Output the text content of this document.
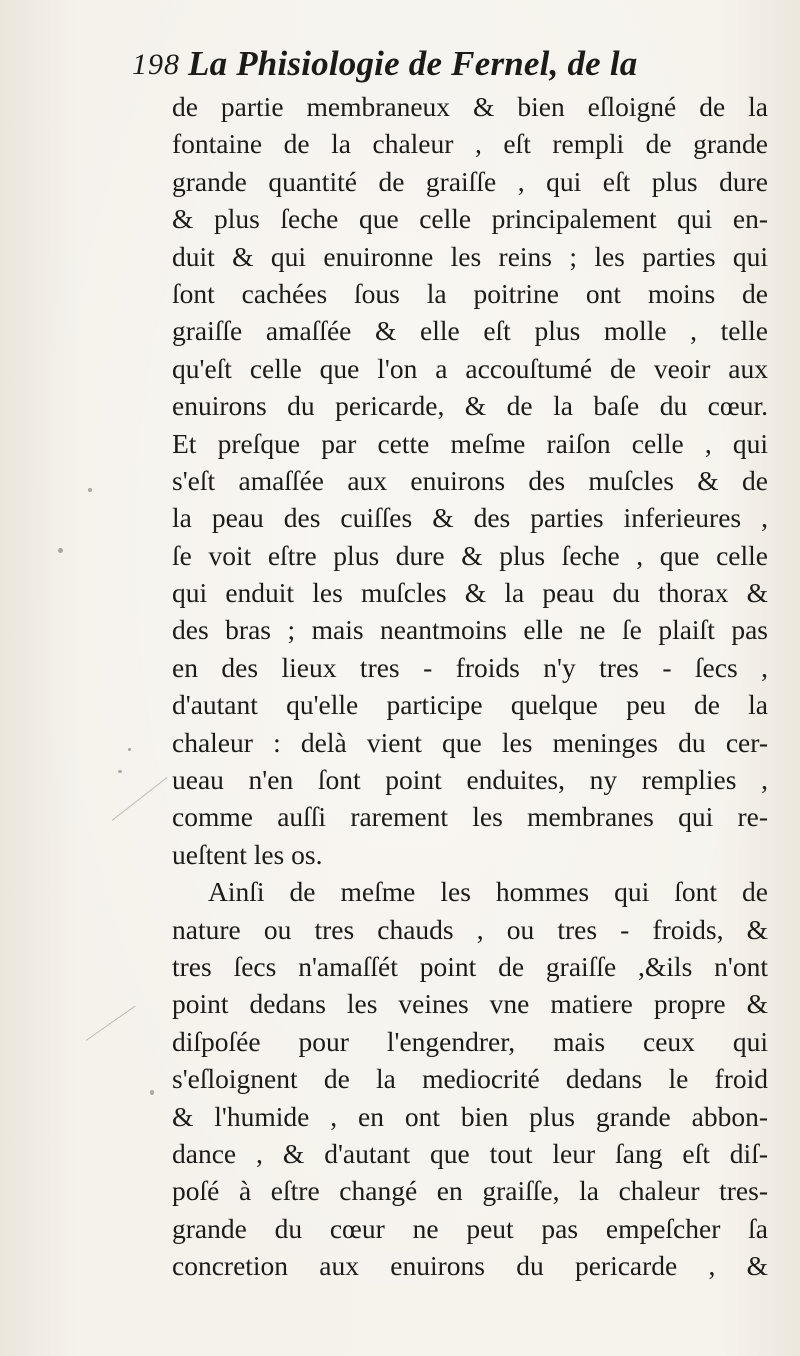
198 La Phisiologie de Fernel, de la
de partie membraneux & bien eſloigné de la
fontaine de la chaleur , eſt rempli de grande
grande quantité de graiſſe , qui eſt plus dure
& plus ſeche que celle principalement qui en-
duit & qui enuironne les reins ; les parties qui
ſont cachées ſous la poitrine ont moins de
graiſſe amaſſée & elle eſt plus molle , telle
qu'eſt celle que l'on a accouſtumé de veoir aux
enuirons du pericarde, & de la baſe du cœur.
Et preſque par cette meſme raiſon celle , qui
s'eſt amaſſée aux enuirons des muſcles & de
la peau des cuiſſes & des parties inferieures ,
ſe voit eſtre plus dure & plus ſeche , que celle
qui enduit les muſcles & la peau du thorax &
des bras ; mais neantmoins elle ne ſe plaiſt pas
en des lieux tres - froids n'y tres - ſecs ,
d'autant qu'elle participe quelque peu de la
chaleur : delà vient que les meninges du cer-
ueau n'en ſont point enduites, ny remplies ,
comme auſſi rarement les membranes qui re-
ueſtent les os.
Ainſi de meſme les hommes qui ſont de
nature ou tres chauds , ou tres - froids, &
tres ſecs n'amaſſét point de graiſſe ,&ils n'ont
point dedans les veines vne matiere propre &
diſpoſée pour l'engendrer, mais ceux qui
s'eſloignent de la mediocrité dedans le froid
& l'humide , en ont bien plus grande abbon-
dance , & d'autant que tout leur ſang eſt diſ-
poſé à eſtre changé en graiſſe, la chaleur tres-
grande du cœur ne peut pas empeſcher ſa
concretion aux enuirons du pericarde , &
